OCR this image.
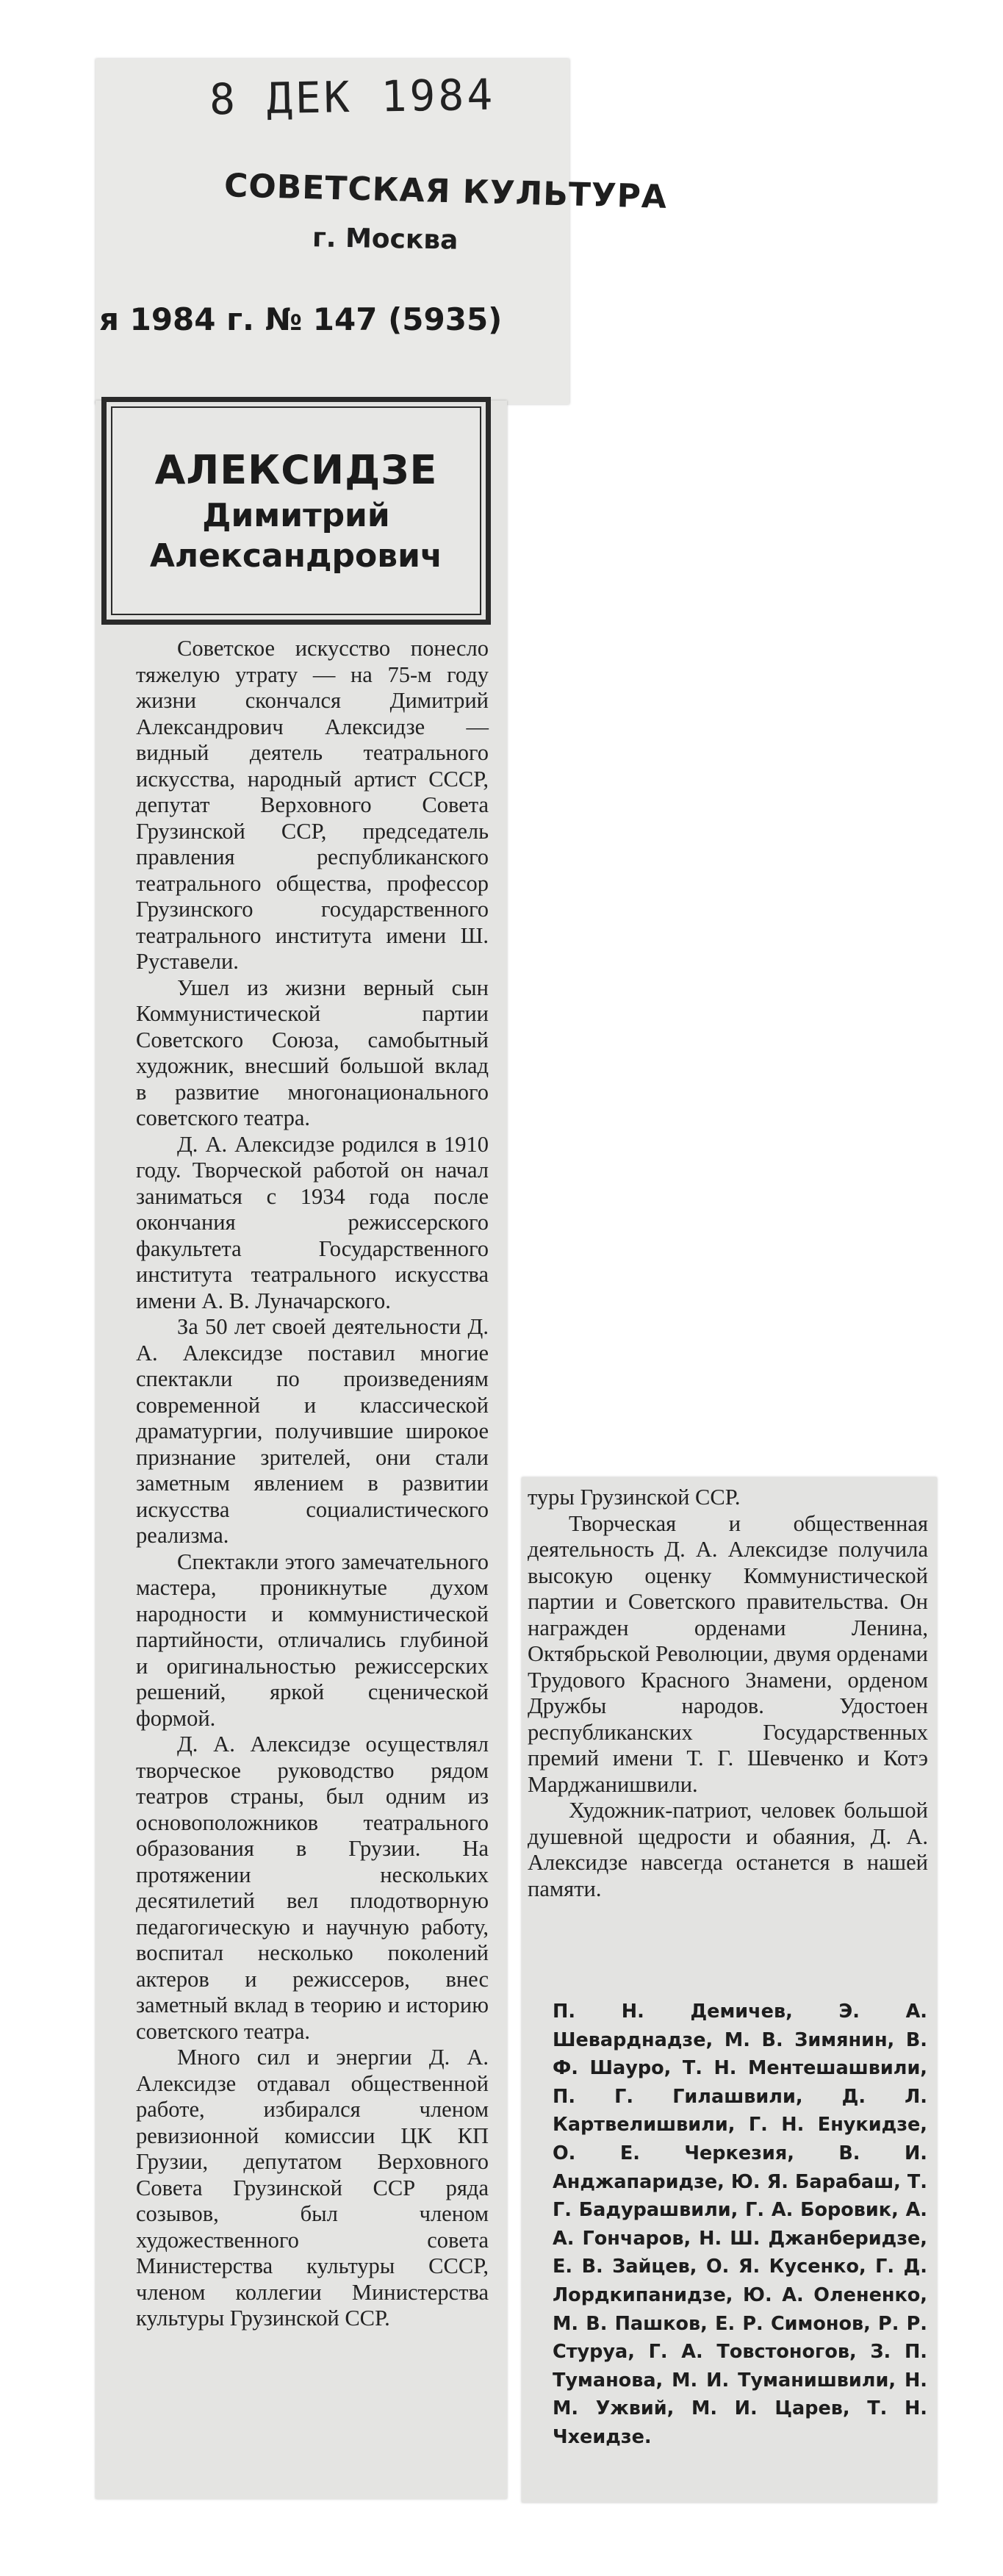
8 ДЕК 1984
СОВЕТСКАЯ КУЛЬТУРА
г. Москва
я 1984 г. № 147 (5935)
АЛЕКСИДЗЕ
Димитрий
Александрович

Советское искусство понесло тяжелую утрату — на 75-м году жизни скончался Димитрий Александрович Алексидзе — видный деятель театрального искусства, народный артист СССР, депутат Верховного Совета Грузинской ССР, председатель правления республиканского театрального общества, профессор Грузинского государственного театрального института имени Ш. Руставели.

Ушел из жизни верный сын Коммунистической партии Советского Союза, самобытный художник, внесший большой вклад в развитие многонационального советского театра.

Д. А. Алексидзе родился в 1910 году. Творческой работой он начал заниматься с 1934 года после окончания режиссерского факультета Государственного института театрального искусства имени А. В. Луначарского.

За 50 лет своей деятельности Д. А. Алексидзе поставил многие спектакли по произведениям современной и классической драматургии, получившие широкое признание зрителей, они стали заметным явлением в развитии искусства социалистического реализма.

Спектакли этого замечательного мастера, проникнутые духом народности и коммунистической партийности, отличались глубиной и оригинальностью режиссерских решений, яркой сценической формой.

Д. А. Алексидзе осуществлял творческое руководство рядом театров страны, был одним из основоположников театрального образования в Грузии. На протяжении нескольких десятилетий вел плодотворную педагогическую и научную работу, воспитал несколько поколений актеров и режиссеров, внес заметный вклад в теорию и историю советского театра.

Много сил и энергии Д. А. Алексидзе отдавал общественной работе, избирался членом ревизионной комиссии ЦК КП Грузии, депутатом Верховного Совета Грузинской ССР ряда созывов, был членом художественного совета Министерства культуры СССР, членом коллегии Министерства культуры Грузинской ССР.

туры Грузинской ССР.

Творческая и общественная деятельность Д. А. Алексидзе получила высокую оценку Коммунистической партии и Советского правительства. Он награжден орденами Ленина, Октябрьской Революции, двумя орденами Трудового Красного Знамени, орденом Дружбы народов. Удостоен республиканских Государственных премий имени Т. Г. Шевченко и Котэ Марджанишвили.

Художник-патриот, человек большой душевной щедрости и обаяния, Д. А. Алексидзе навсегда останется в нашей памяти.

П. Н. Демичев, Э. А. Шеварднадзе, М. В. Зимянин, В. Ф. Шауро, Т. Н. Ментешашвили, П. Г. Гилашвили, Д. Л. Картвелишвили, Г. Н. Енукидзе, О. Е. Черкезия, В. И. Анджапаридзе, Ю. Я. Барабаш, Т. Г. Бадурашвили, Г. А. Боровик, А. А. Гончаров, Н. Ш. Джанберидзе, Е. В. Зайцев, О. Я. Кусенко, Г. Д. Лордкипанидзе, Ю. А. Олененко, М. В. Пашков, Е. Р. Симонов, Р. Р. Стуруа, Г. А. Товстоногов, З. П. Туманова, М. И. Туманишвили, Н. М. Ужвий, М. И. Царев, Т. Н. Чхеидзе.
